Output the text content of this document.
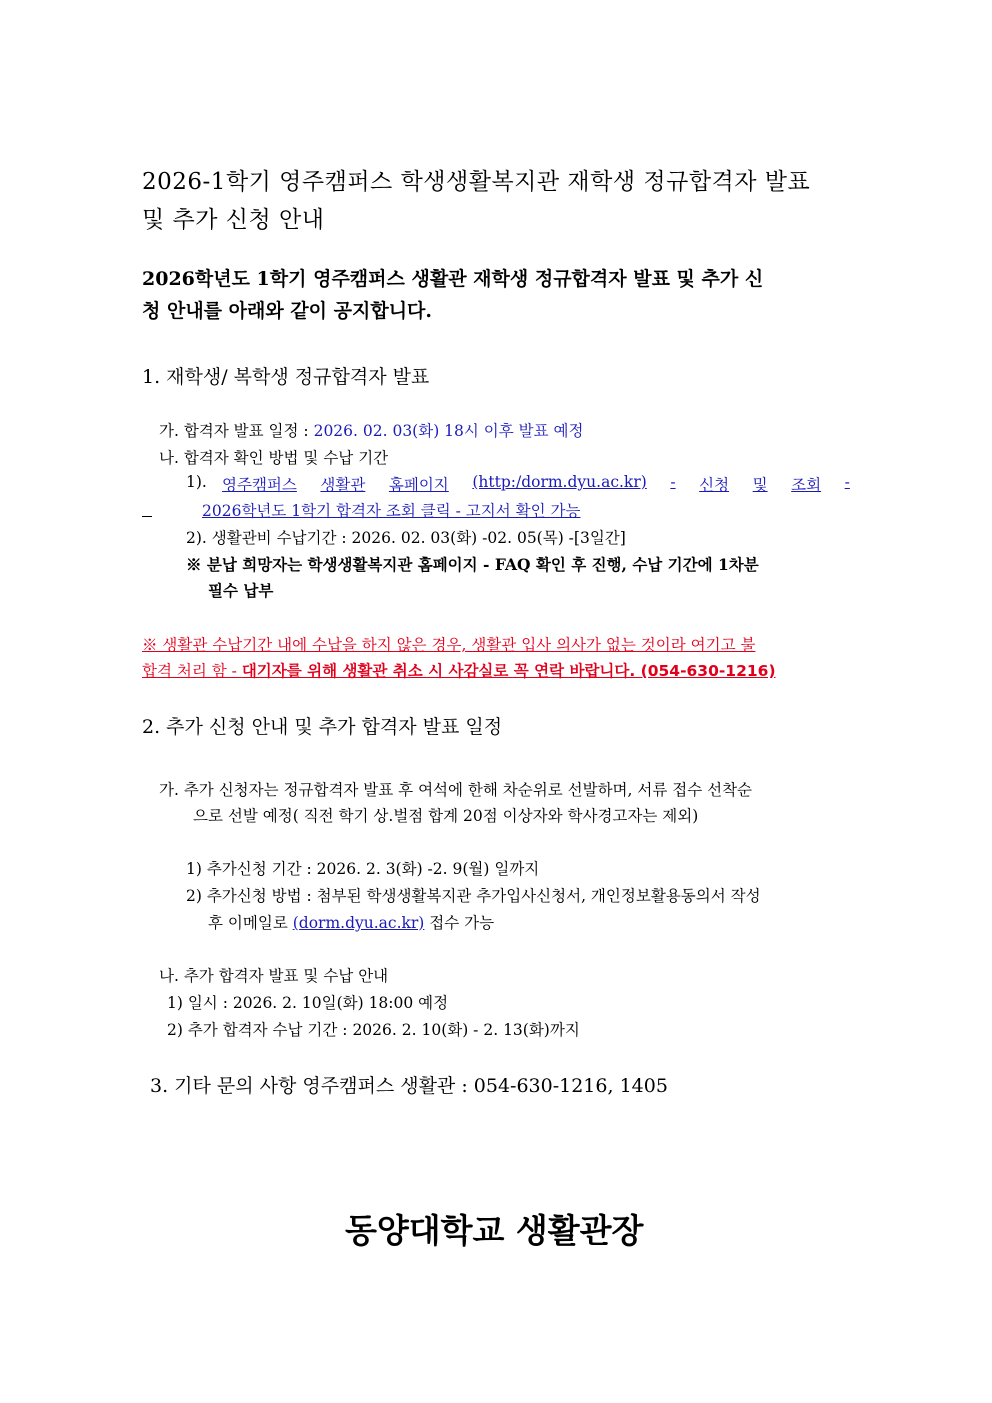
2026-1학기 영주캠퍼스 학생생활복지관 재학생 정규합격자 발표
및 추가 신청 안내
2026학년도 1학기 영주캠퍼스 생활관 재학생 정규합격자 발표 및 추가 신
청 안내를 아래와 같이 공지합니다.
1. 재학생/ 복학생 정규합격자 발표
가. 합격자 발표 일정 : 2026. 02. 03(화) 18시 이후 발표 예정
나. 합격자 확인 방법 및 수납 기간
1). 영주캠퍼스 생활관 홈페이지 (http:/dorm.dyu.ac.kr) - 신청 및 조회 -
2026학년도 1학기 합격자 조회 클릭 - 고지서 확인 가능
2). 생활관비 수납기간 : 2026. 02. 03(화) -02. 05(목) -[3일간]
※ 분납 희망자는 학생생활복지관 홈페이지 - FAQ 확인 후 진행, 수납 기간에 1차분
필수 납부
※ 생활관 수납기간 내에 수납을 하지 않은 경우, 생활관 입사 의사가 없는 것이라 여기고 불
합격 처리 함 - 대기자를 위해 생활관 취소 시 사감실로 꼭 연락 바랍니다. (054-630-1216)
2. 추가 신청 안내 및 추가 합격자 발표 일정
가. 추가 신청자는 정규합격자 발표 후 여석에 한해 차순위로 선발하며, 서류 접수 선착순
으로 선발 예정( 직전 학기 상.벌점 합계 20점 이상자와 학사경고자는 제외)
1) 추가신청 기간 : 2026. 2. 3(화) -2. 9(월) 일까지
2) 추가신청 방법 : 첨부된 학생생활복지관 추가입사신청서, 개인정보활용동의서 작성
후 이메일로 (dorm.dyu.ac.kr) 접수 가능
나. 추가 합격자 발표 및 수납 안내
1) 일시 : 2026. 2. 10일(화) 18:00 예정
2) 추가 합격자 수납 기간 : 2026. 2. 10(화) - 2. 13(화)까지
3. 기타 문의 사항 영주캠퍼스 생활관 : 054-630-1216, 1405
동양대학교 생활관장
